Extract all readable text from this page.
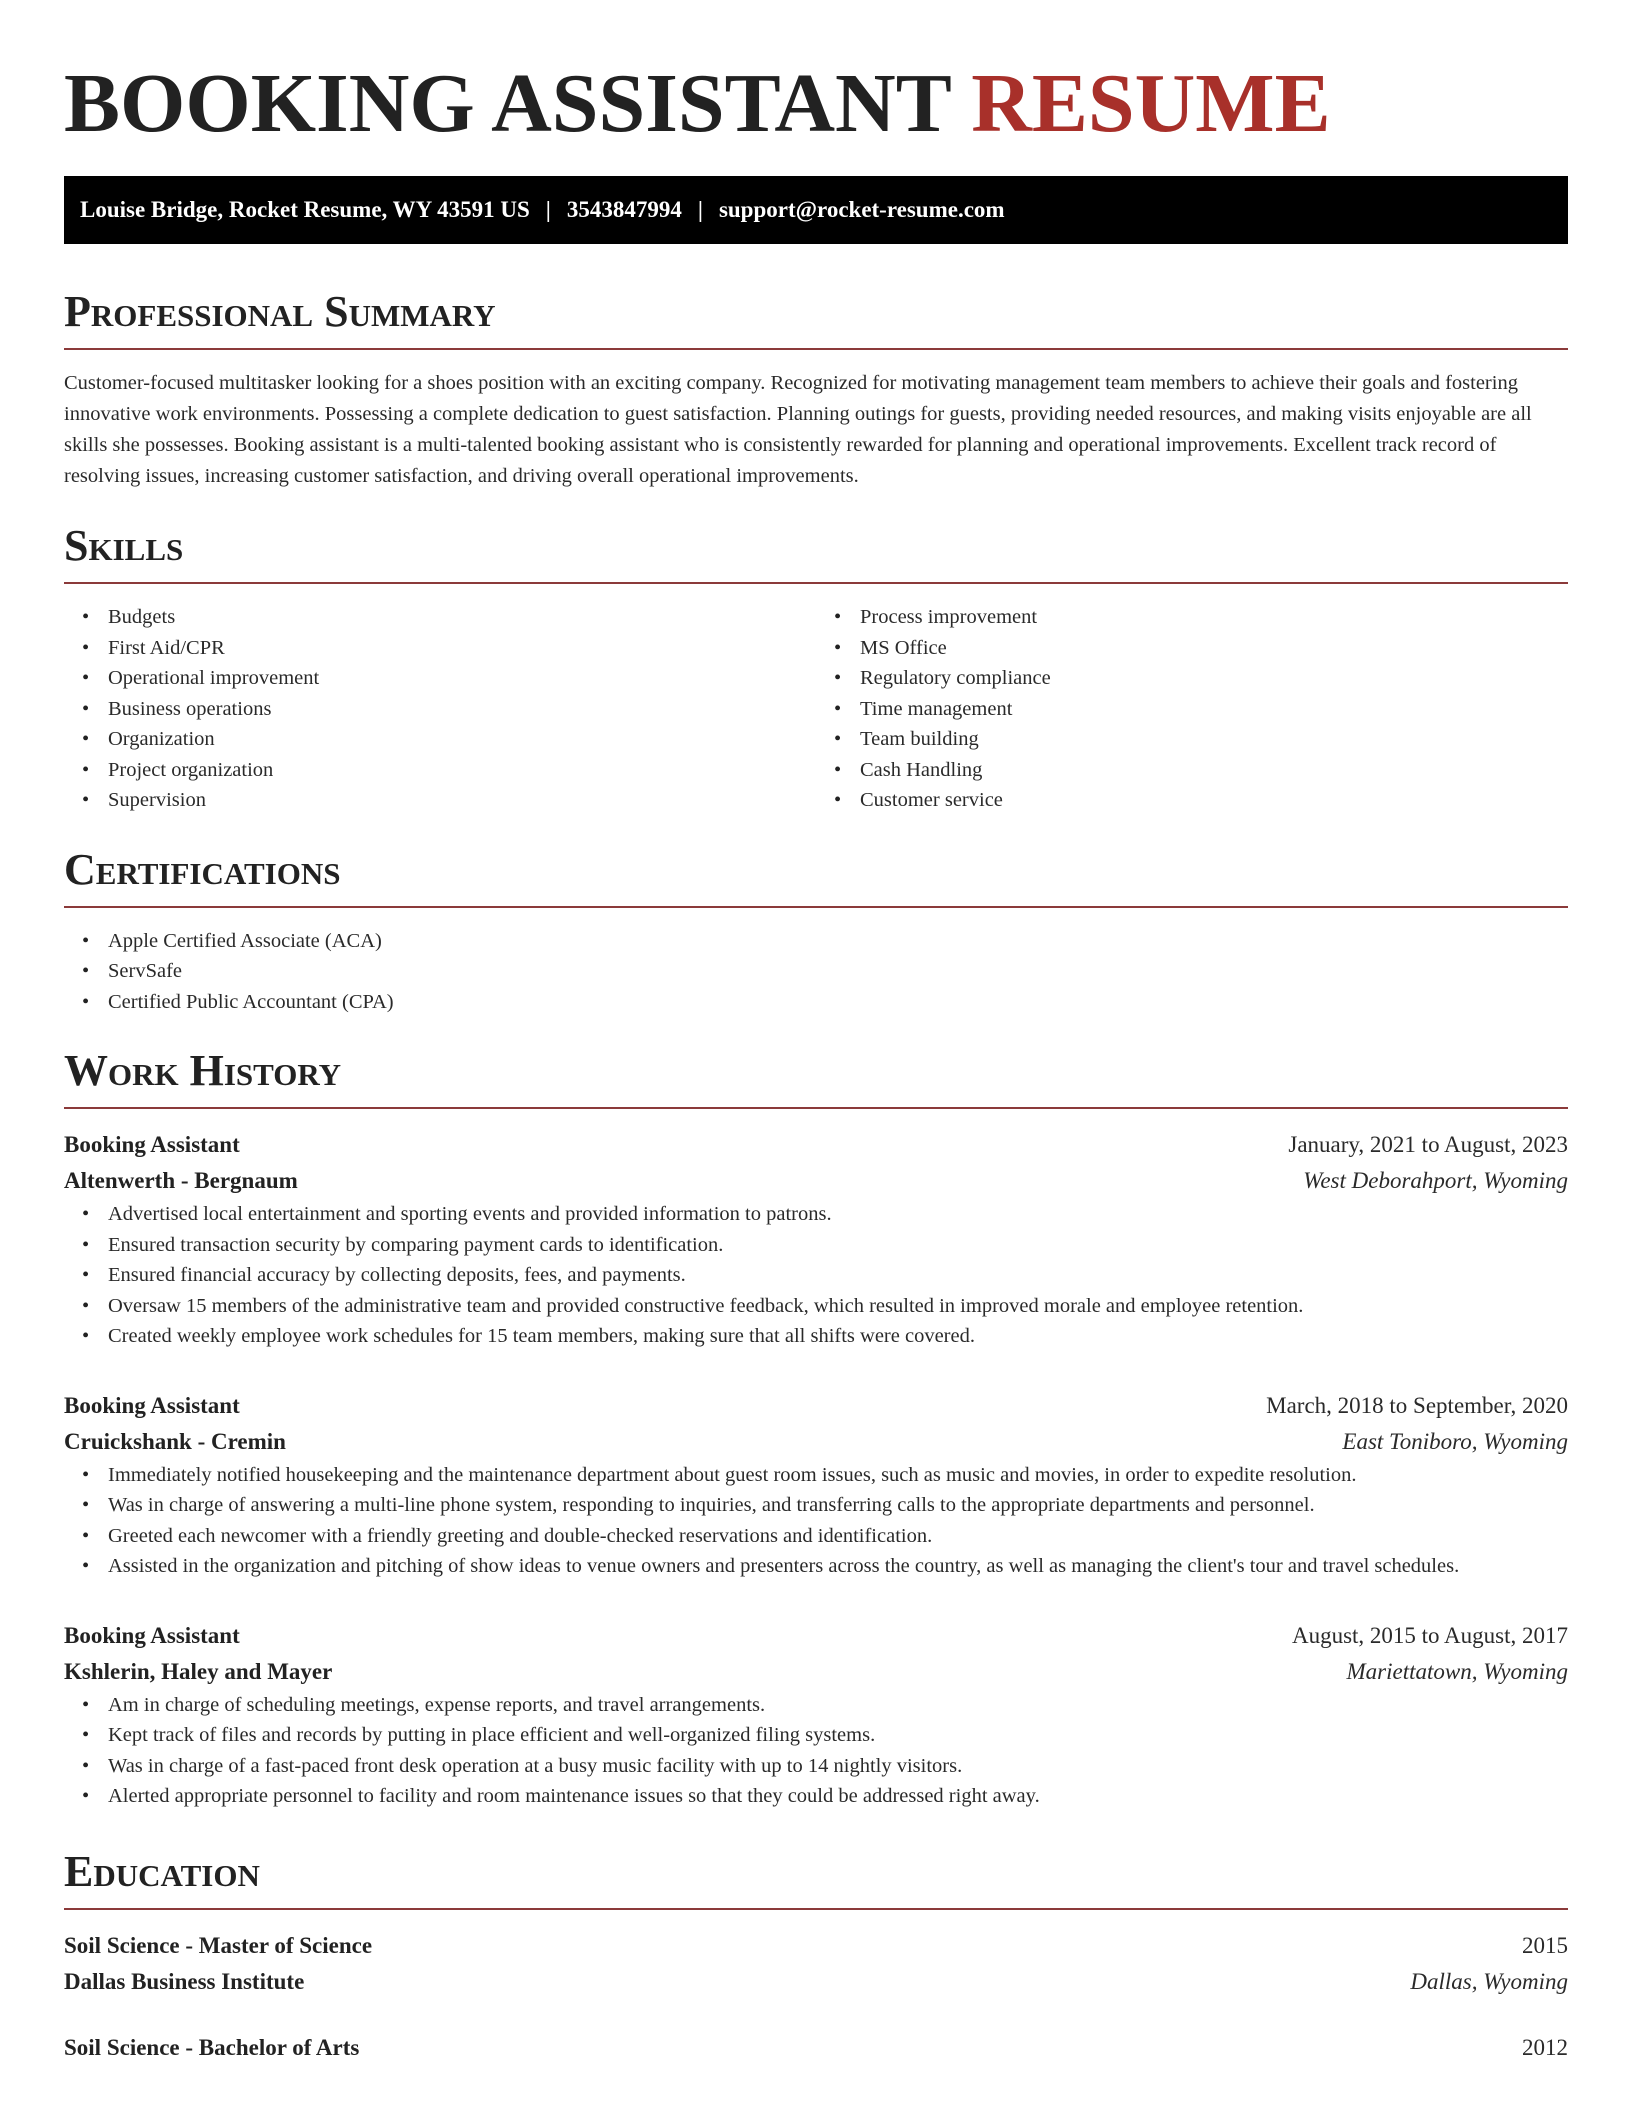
BOOKING ASSISTANT RESUME
Louise Bridge, Rocket Resume, WY 43591 US | 3543847994 | support@rocket-resume.com
Professional Summary

Customer-focused multitasker looking for a shoes position with an exciting company. Recognized for motivating management team members to achieve their goals and fostering innovative work environments. Possessing a complete dedication to guest satisfaction. Planning outings for guests, providing needed resources, and making visits enjoyable are all skills she possesses. Booking assistant is a multi-talented booking assistant who is consistently rewarded for planning and operational improvements. Excellent track record of resolving issues, increasing customer satisfaction, and driving overall operational improvements.

Skills
• Budgets
• First Aid/CPR
• Operational improvement
• Business operations
• Organization
• Project organization
• Supervision
• Process improvement
• MS Office
• Regulatory compliance
• Time management
• Team building
• Cash Handling
• Customer service
Certifications
• Apple Certified Associate (ACA)
• ServSafe
• Certified Public Accountant (CPA)
Work History
Booking Assistant	January, 2021 to August, 2023
Altenwerth - Bergnaum	West Deborahport, Wyoming
• Advertised local entertainment and sporting events and provided information to patrons.
• Ensured transaction security by comparing payment cards to identification.
• Ensured financial accuracy by collecting deposits, fees, and payments.
• Oversaw 15 members of the administrative team and provided constructive feedback, which resulted in improved morale and employee retention.
• Created weekly employee work schedules for 15 team members, making sure that all shifts were covered.
Booking Assistant	March, 2018 to September, 2020
Cruickshank - Cremin	East Toniboro, Wyoming
• Immediately notified housekeeping and the maintenance department about guest room issues, such as music and movies, in order to expedite resolution.
• Was in charge of answering a multi-line phone system, responding to inquiries, and transferring calls to the appropriate departments and personnel.
• Greeted each newcomer with a friendly greeting and double-checked reservations and identification.
• Assisted in the organization and pitching of show ideas to venue owners and presenters across the country, as well as managing the client's tour and travel schedules.
Booking Assistant	August, 2015 to August, 2017
Kshlerin, Haley and Mayer	Mariettatown, Wyoming
• Am in charge of scheduling meetings, expense reports, and travel arrangements.
• Kept track of files and records by putting in place efficient and well-organized filing systems.
• Was in charge of a fast-paced front desk operation at a busy music facility with up to 14 nightly visitors.
• Alerted appropriate personnel to facility and room maintenance issues so that they could be addressed right away.
Education
Soil Science - Master of Science	2015
Dallas Business Institute	Dallas, Wyoming
Soil Science - Bachelor of Arts	2012
